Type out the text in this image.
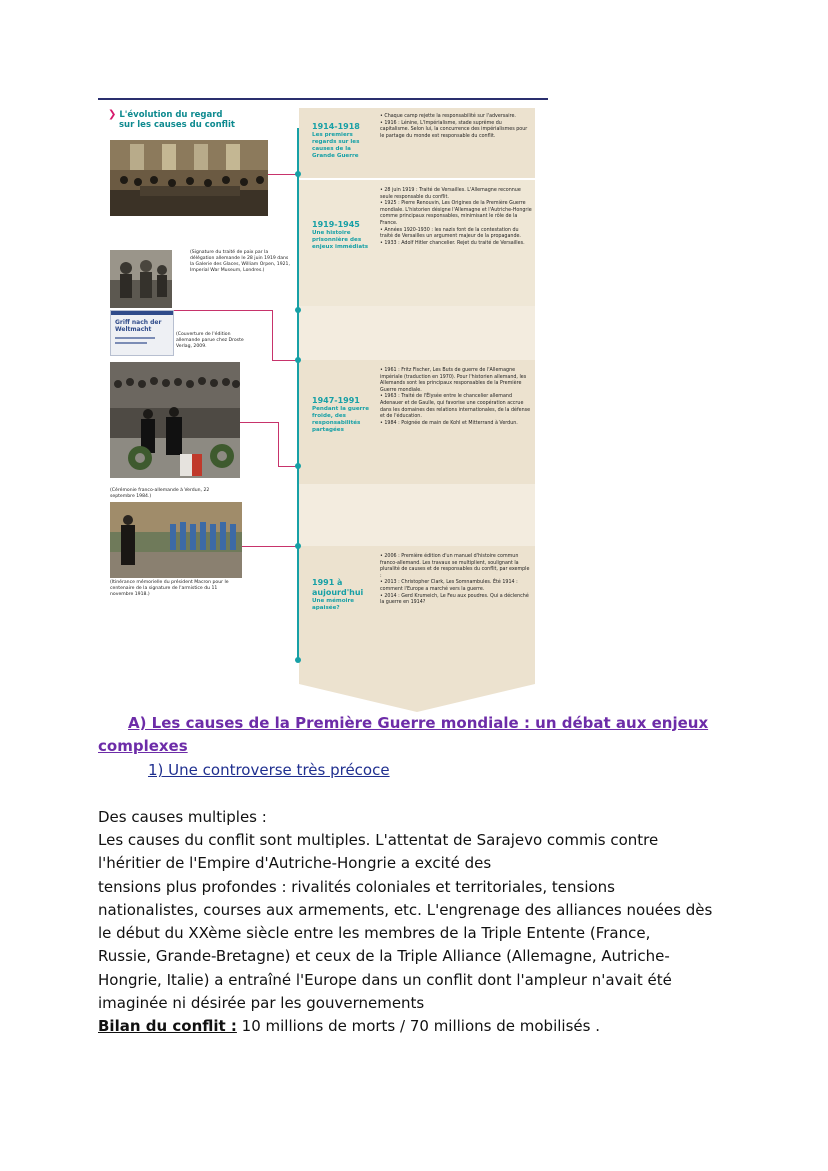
❯ L'évolution du regard
sur les causes du conflit
(Signature du traité de paix par la délégation allemande le 28 juin 1919 dans la Galerie des Glaces, William Orpen, 1921, Imperial War Museum, Londres.)
Griff nach der Weltmacht
(Couverture de l'édition allemande parue chez Droste Verlag, 2009.
(Cérémonie franco-allemande à Verdun, 22 septembre 1984.)
(Itinérance mémorielle du président Macron pour le centenaire de la signature de l'armistice du 11 novembre 1918.)
1914-1918
Les premiers regards sur les causes de la Grande Guerre
• Chaque camp rejette la responsabilité sur l'adversaire.
• 1916 : Lénine, L'Impérialisme, stade suprême du capitalisme. Selon lui, la concurrence des impérialismes pour le partage du monde est responsable du conflit.
1919-1945
Une histoire prisonnière des enjeux immédiats
• 28 juin 1919 : Traité de Versailles. L'Allemagne reconnue seule responsable du conflit.
• 1925 : Pierre Renouvin, Les Origines de la Première Guerre mondiale. L'historien désigne l'Allemagne et l'Autriche-Hongrie comme principaux responsables, minimisant le rôle de la France.
• Années 1920-1930 : les nazis font de la contestation du traité de Versailles un argument majeur de la propagande.
• 1933 : Adolf Hitler chancelier. Rejet du traité de Versailles.
1947-1991
Pendant la guerre froide, des responsabilités partagées
• 1961 : Fritz Fischer, Les Buts de guerre de l'Allemagne impériale (traduction en 1970). Pour l'historien allemand, les Allemands sont les principaux responsables de la Première Guerre mondiale.
• 1963 : Traité de l'Élysée entre le chancelier allemand Adenauer et de Gaulle, qui favorise une coopération accrue dans les domaines des relations internationales, de la défense et de l'éducation.
• 1984 : Poignée de main de Kohl et Mitterrand à Verdun.
1991 à aujourd'hui
Une mémoire apaisée?
• 2006 : Première édition d'un manuel d'histoire commun franco-allemand. Les travaux se multiplient, soulignant la pluralité de causes et de responsables du conflit, par exemple :
• 2013 : Christopher Clark, Les Somnambules. Été 1914 : comment l'Europe a marché vers la guerre.
• 2014 : Gerd Krumeich, Le Feu aux poudres. Qui a déclenché la guerre en 1914?
A) Les causes de la Première Guerre mondiale : un débat aux enjeux
complexes
1) Une controverse très précoce
Des causes multiples :
Les causes du conflit sont multiples. L'attentat de Sarajevo commis contre
l'héritier de l'Empire d'Autriche-Hongrie a excité des
tensions plus profondes : rivalités coloniales et territoriales, tensions
nationalistes, courses aux armements, etc. L'engrenage des alliances nouées dès
le début du XXème siècle entre les membres de la Triple Entente (France,
Russie, Grande-Bretagne) et ceux de la Triple Alliance (Allemagne, Autriche-
Hongrie, Italie) a entraîné l'Europe dans un conflit dont l'ampleur n'avait été
imaginée ni désirée par les gouvernements
Bilan du conflit : 10 millions de morts / 70 millions de mobilisés .
